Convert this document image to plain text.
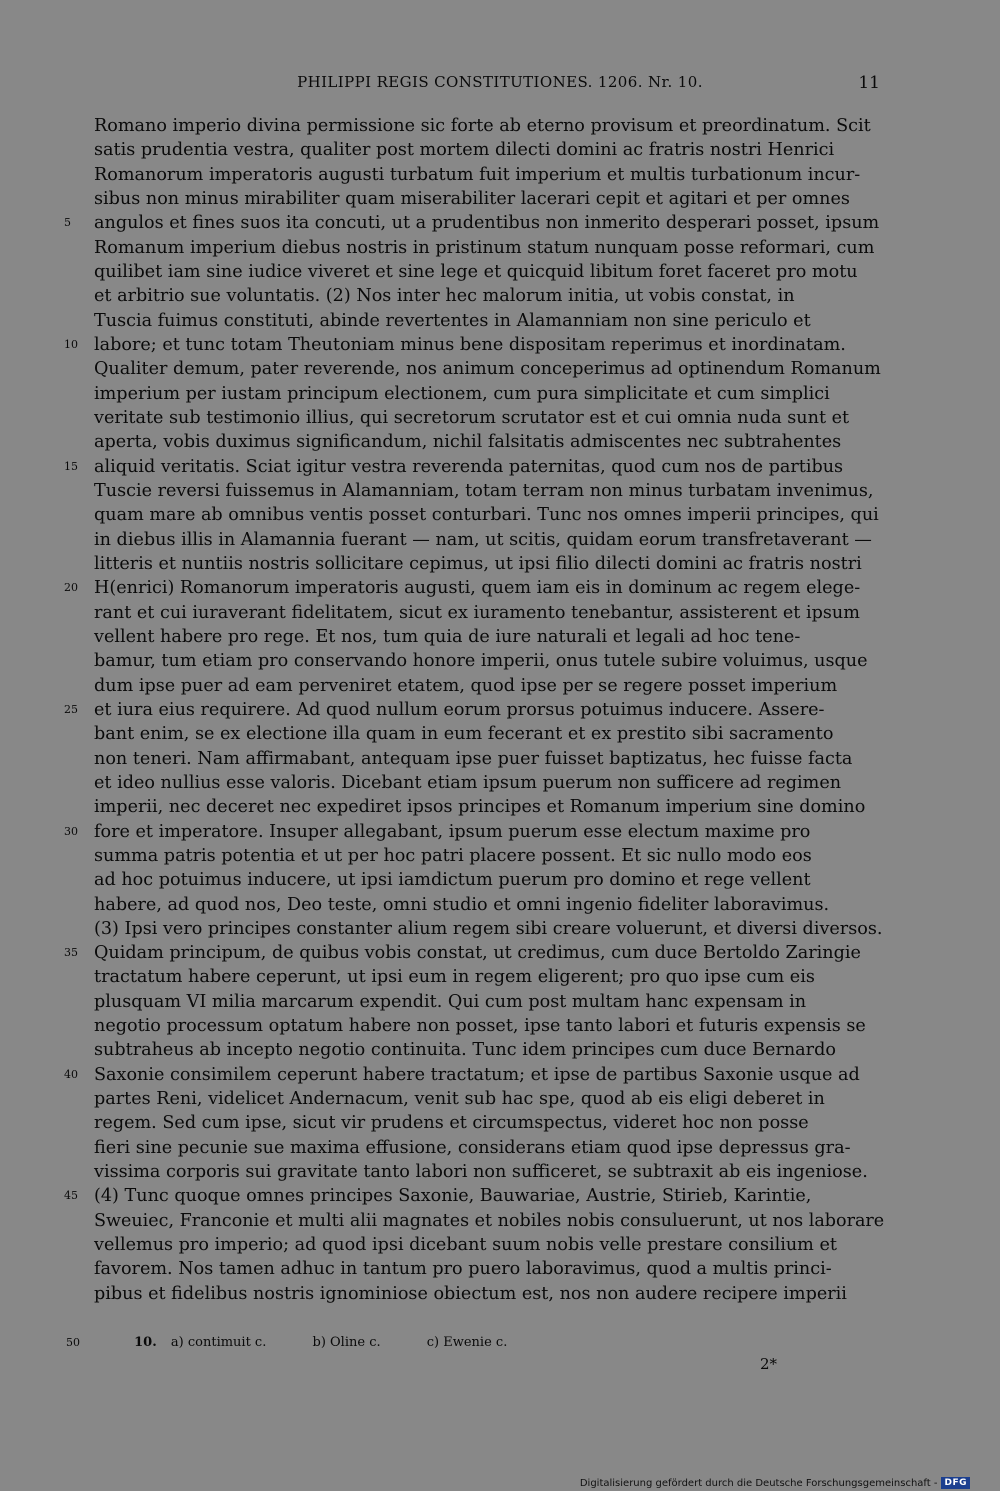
PHILIPPI REGIS CONSTITUTIONES. 1206. Nr. 10.	11
Romano imperio divina permissione sic forte ab eterno provisum et preordinatum. Scit
satis prudentia vestra, qualiter post mortem dilecti domini ac fratris nostri Henrici
Romanorum imperatoris augusti turbatum fuit imperium et multis turbationum incur-
sibus non minus mirabiliter quam miserabiliter lacerari cepit et agitari et per omnes
5	angulos et fines suos ita concuti, ut a prudentibus non inmerito desperari posset, ipsum
Romanum imperium diebus nostris in pristinum statum nunquam posse reformari, cum
quilibet iam sine iudice viveret et sine lege et quicquid libitum foret faceret pro motu
et arbitrio sue voluntatis. (2) Nos inter hec malorum initia, ut vobis constat, in
Tuscia fuimus constituti, abinde revertentes in Alamanniam non sine periculo et
10 labore; et tunc totam Theutoniam minus bene dispositam reperimus et inordinatam.
Qualiter demum, pater reverende, nos animum conceperimus ad optinendum Romanum
imperium per iustam principum electionem, cum pura simplicitate et cum simplici
veritate sub testimonio illius, qui secretorum scrutator est et cui omnia nuda sunt et
aperta, vobis duximus significandum, nichil falsitatis admiscentes nec subtrahentes
15 aliquid veritatis. Sciat igitur vestra reverenda paternitas, quod cum nos de partibus
Tuscie reversi fuissemus in Alamanniam, totam terram non minus turbatam invenimus,
quam mare ab omnibus ventis posset conturbari. Tunc nos omnes imperii principes, qui
in diebus illis in Alamannia fuerant — nam, ut scitis, quidam eorum transfretaverant —
litteris et nuntiis nostris sollicitare cepimus, ut ipsi filio dilecti domini ac fratris nostri
20 H(enrici) Romanorum imperatoris augusti, quem iam eis in dominum ac regem elege-
rant et cui iuraverant fidelitatem, sicut ex iuramento tenebantur, assisterent et ipsum
vellent habere pro rege. Et nos, tum quia de iure naturali et legali ad hoc tene-
bamur, tum etiam pro conservando honore imperii, onus tutele subire voluimus, usque
dum ipse puer ad eam perveniret etatem, quod ipse per se regere posset imperium
25 et iura eius requirere. Ad quod nullum eorum prorsus potuimus inducere. Assere-
bant enim, se ex electione illa quam in eum fecerant et ex prestito sibi sacramento
non teneri. Nam affirmabant, antequam ipse puer fuisset baptizatus, hec fuisse facta
et ideo nullius esse valoris. Dicebant etiam ipsum puerum non sufficere ad regimen
imperii, nec deceret nec expediret ipsos principes et Romanum imperium sine domino
30 fore et imperatore. Insuper allegabant, ipsum puerum esse electum maxime pro
summa patris potentia et ut per hoc patri placere possent. Et sic nullo modo eos
ad hoc potuimus inducere, ut ipsi iamdictum puerum pro domino et rege vellent
habere, ad quod nos, Deo teste, omni studio et omni ingenio fideliter laboravimus.
(3) Ipsi vero principes constanter alium regem sibi creare voluerunt, et diversi diversos.
35 Quidam principum, de quibus vobis constat, ut credimus, cum duce Bertoldo Zaringie
tractatum habere ceperunt, ut ipsi eum in regem eligerent; pro quo ipse cum eis
plusquam VI milia marcarum expendit. Qui cum post multam hanc expensam in
negotio processum optatum habere non posset, ipse tanto labori et futuris expensis se
subtraheus ab incepto negotio continuita. Tunc idem principes cum duce Bernardo
40 Saxonie consimilem ceperunt habere tractatum; et ipse de partibus Saxonie usque ad
partes Reni, videlicet Andernacum, venit sub hac spe, quod ab eis eligi deberet in
regem. Sed cum ipse, sicut vir prudens et circumspectus, videret hoc non posse
fieri sine pecunie sue maxima effusione, considerans etiam quod ipse depressus gra-
vissima corporis sui gravitate tanto labori non sufficeret, se subtraxit ab eis ingeniose.
45 (4) Tunc quoque omnes principes Saxonie, Bauwariae, Austrie, Stirieb, Karintie,
Sweuiec, Franconie et multi alii magnates et nobiles nobis consuluerunt, ut nos laborare
vellemus pro imperio; ad quod ipsi dicebant suum nobis velle prestare consilium et
favorem. Nos tamen adhuc in tantum pro puero laboravimus, quod a multis princi-
pibus et fidelibus nostris ignominiose obiectum est, nos non audere recipere imperii
50	10. a) contimuit c.	b) Oline c.	c) Ewenie c.
2*
Digitalisierung gefördert durch die Deutsche Forschungsgemeinschaft - DFG
